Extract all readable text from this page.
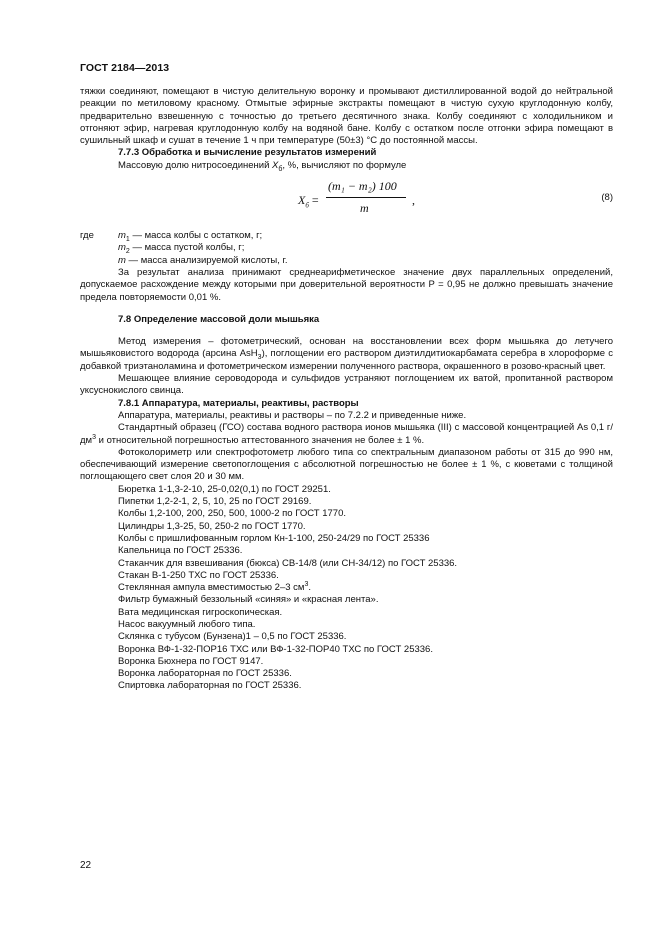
ГОСТ 2184—2013

тяжки соединяют, помещают в чистую делительную воронку и промывают дистиллированной водой до нейтральной реакции по метиловому красному. Отмытые эфирные экстракты помещают в чистую сухую круглодонную колбу, предварительно взвешенную с точностью до третьего десятичного знака. Колбу соединяют с холодильником и отгоняют эфир, нагревая круглодонную колбу на водяной бане. Колбу с остатком после отгонки эфира помещают в сушильный шкаф и сушат в течение 1 ч при температуре (50±3) °С до постоянной массы.

7.7.3 Обработка и вычисление результатов измерений

Массовую долю нитросоединений $X_б$, %, вычисляют по формуле

$X_б$ =
(m₁ − m₂) 100
m
,	(8)
где	$m_1$ — масса колбы с остатком, г;

$m_2$ — масса пустой колбы, г;

m — масса анализируемой кислоты, г.

За результат анализа принимают среднеарифметическое значение двух параллельных определений, допускаемое расхождение между которыми при доверительной вероятности Р = 0,95 не должно превышать значение предела повторяемости 0,01 %.

7.8 Определение массовой доли мышьяка

Метод измерения – фотометрический, основан на восстановлении всех форм мышьяка до летучего мышьяковистого водорода (арсина AsH$_3$), поглощении его раствором диэтилдитиокарбамата серебра в хлороформе с добавкой триэтаноламина и фотометрическом измерении полученного раствора, окрашенного в розово-красный цвет.

Мешающее влияние сероводорода и сульфидов устраняют поглощением их ватой, пропитанной раствором уксуснокислого свинца.

7.8.1 Аппаратура, материалы, реактивы, растворы

Аппаратура, материалы, реактивы и растворы – по 7.2.2 и приведенные ниже.

Стандартный образец (ГСО) состава водного раствора ионов мышьяка (III) с массовой концентрацией As 0,1 $г/дм^3$ и относительной погрешностью аттестованного значения не более ± 1 %.

Фотоколориметр или спектрофотометр любого типа со спектральным диапазоном работы от 315 до 990 нм, обеспечивающий измерение светопоглощения с абсолютной погрешностью не более ± 1 %, с кюветами с толщиной поглощающего свет слоя 20 и 30 мм.

Бюретка 1-1,3-2-10, 25-0,02(0,1) по ГОСТ 29251.

Пипетки 1,2-2-1, 2, 5, 10, 25 по ГОСТ 29169.

Колбы 1,2-100, 200, 250, 500, 1000-2 по ГОСТ 1770.

Цилиндры 1,3-25, 50, 250-2 по ГОСТ 1770.

Колбы с пришлифованным горлом Кн-1-100, 250-24/29 по ГОСТ 25336

Капельница по ГОСТ 25336.

Стаканчик для взвешивания (бюкса) СВ-14/8 (или СН-34/12) по ГОСТ 25336.

Стакан В-1-250 ТХС по ГОСТ 25336.

Стеклянная ампула вместимостью 2–3 $см^3$.

Фильтр бумажный беззольный «синяя» и «красная лента».

Вата медицинская гигроскопическая.

Насос вакуумный любого типа.

Склянка с тубусом (Бунзена)1 – 0,5 по ГОСТ 25336.

Воронка ВФ-1-32-ПОР16 ТХС или ВФ-1-32-ПОР40 ТХС по ГОСТ 25336.

Воронка Бюхнера по ГОСТ 9147.

Воронка лабораторная по ГОСТ 25336.

Спиртовка лабораторная по ГОСТ 25336.

22
